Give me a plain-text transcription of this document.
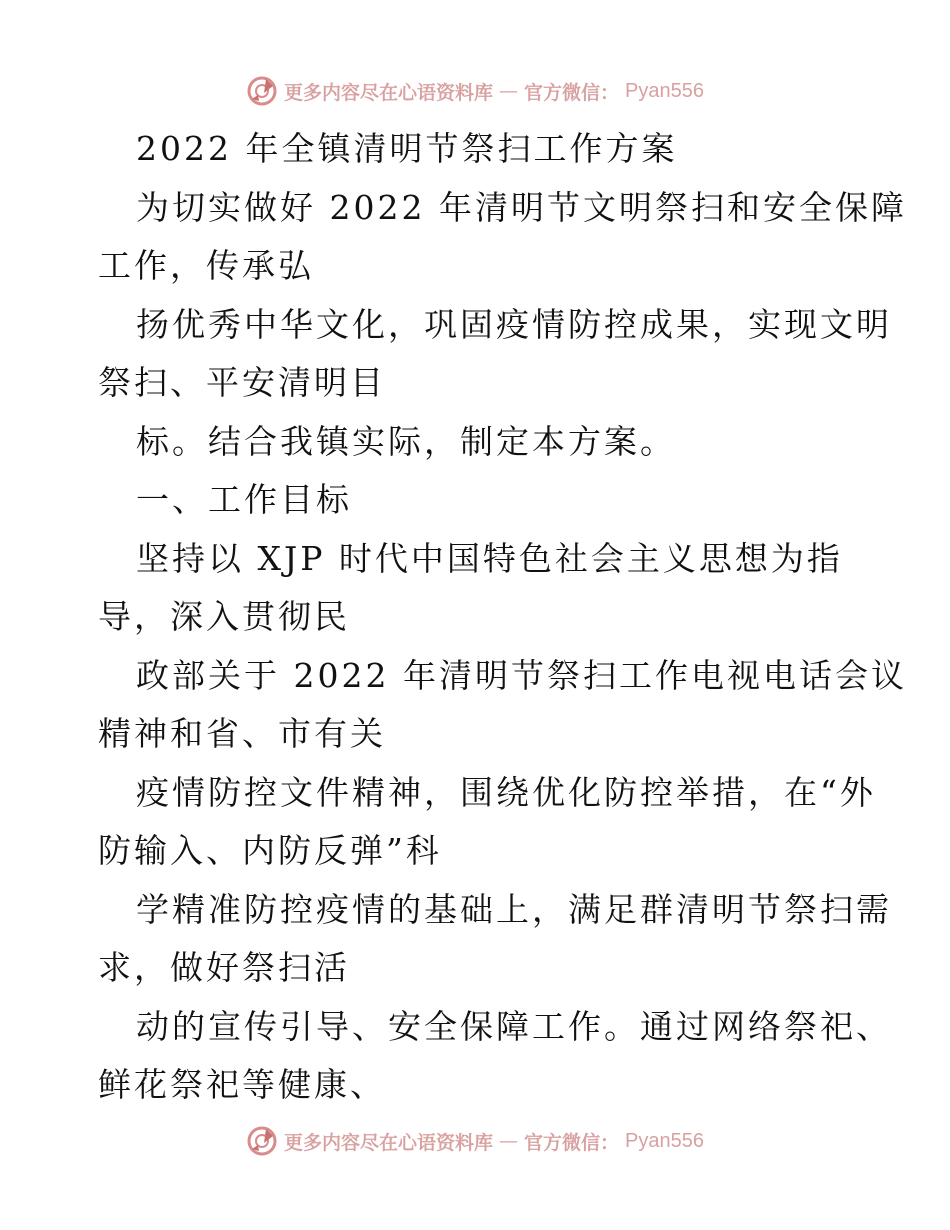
更多内容尽在心语资料库 — 官方微信： Pyan556
2022 年全镇清明节祭扫工作方案
为切实做好 2022 年清明节文明祭扫和安全保障
工作，传承弘
扬优秀中华文化，巩固疫情防控成果，实现文明
祭扫、平安清明目
标。结合我镇实际，制定本方案。
一、工作目标
坚持以 XJP 时代中国特色社会主义思想为指
导，深入贯彻民
政部关于 2022 年清明节祭扫工作电视电话会议
精神和省、市有关
疫情防控文件精神，围绕优化防控举措，在“外
防输入、内防反弹”科
学精准防控疫情的基础上，满足群清明节祭扫需
求，做好祭扫活
动的宣传引导、安全保障工作。通过网络祭祀、
鲜花祭祀等健康、
更多内容尽在心语资料库 — 官方微信： Pyan556
